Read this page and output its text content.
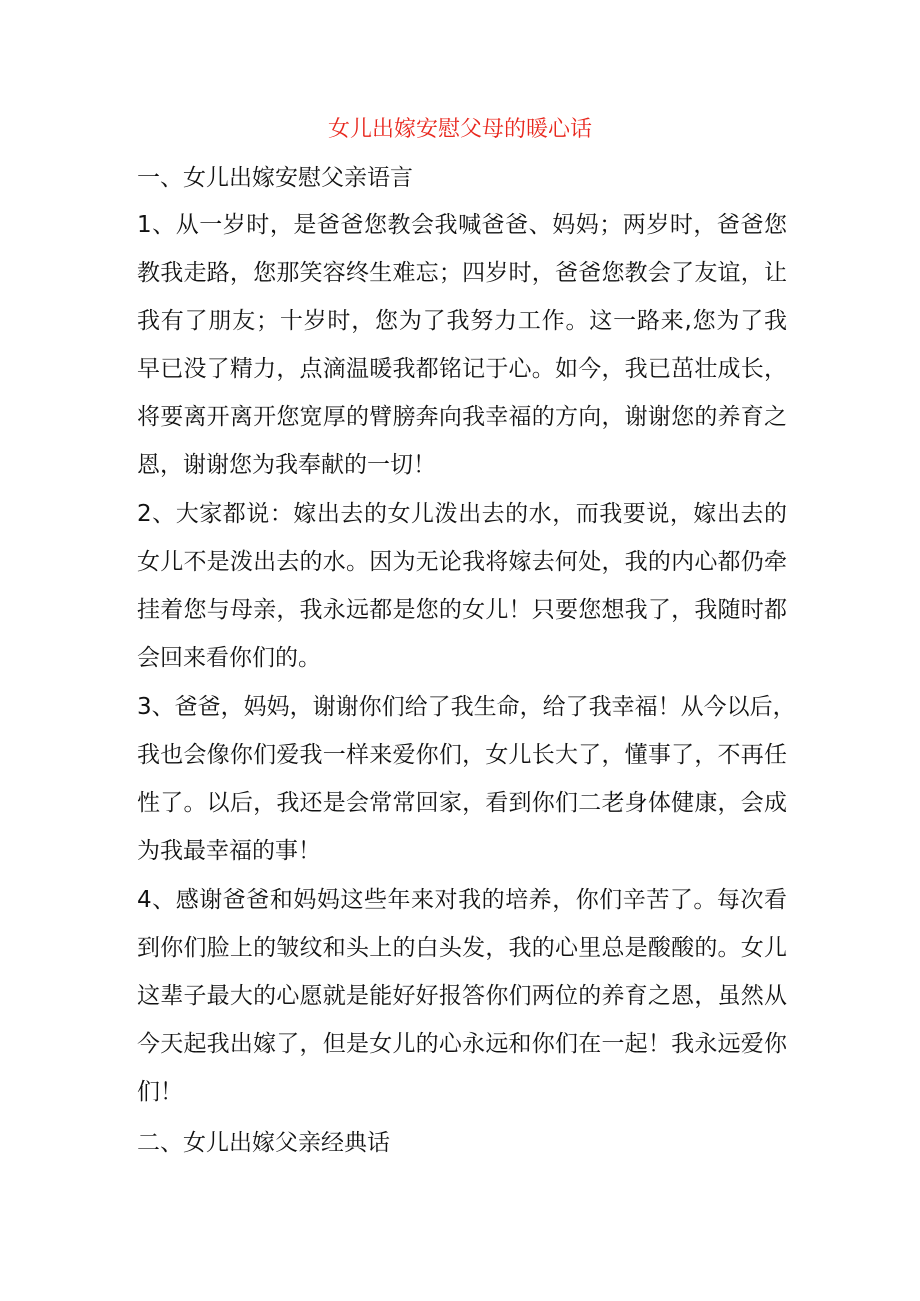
女儿出嫁安慰父母的暖心话
一、女儿出嫁安慰父亲语言
1、从一岁时，是爸爸您教会我喊爸爸、妈妈；两岁时，爸爸您
教我走路，您那笑容终生难忘；四岁时，爸爸您教会了友谊，让
我有了朋友；十岁时，您为了我努力工作。这一路来,您为了我
早已没了精力，点滴温暖我都铭记于心。如今，我已茁壮成长，
将要离开离开您宽厚的臂膀奔向我幸福的方向，谢谢您的养育之
恩，谢谢您为我奉献的一切！
2、大家都说：嫁出去的女儿泼出去的水，而我要说，嫁出去的
女儿不是泼出去的水。因为无论我将嫁去何处，我的内心都仍牵
挂着您与母亲，我永远都是您的女儿！只要您想我了，我随时都
会回来看你们的。
3、爸爸，妈妈，谢谢你们给了我生命，给了我幸福！从今以后，
我也会像你们爱我一样来爱你们，女儿长大了，懂事了，不再任
性了。以后，我还是会常常回家，看到你们二老身体健康，会成
为我最幸福的事！
4、感谢爸爸和妈妈这些年来对我的培养，你们辛苦了。每次看
到你们脸上的皱纹和头上的白头发，我的心里总是酸酸的。女儿
这辈子最大的心愿就是能好好报答你们两位的养育之恩，虽然从
今天起我出嫁了，但是女儿的心永远和你们在一起！我永远爱你
们！
二、女儿出嫁父亲经典话
